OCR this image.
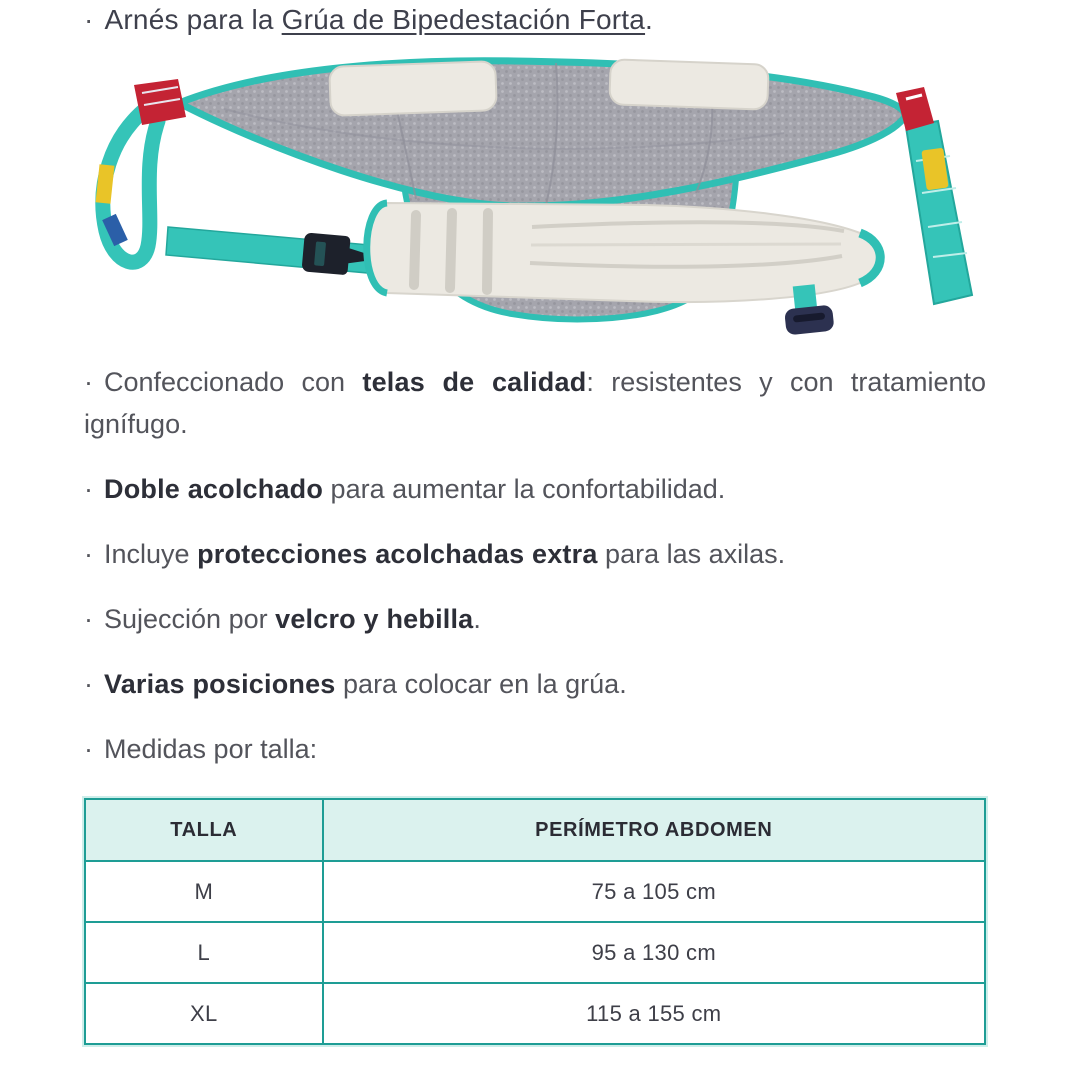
· Arnés para la Grúa de Bipedestación Forta.

· Confeccionado con telas de calidad: resistentes y con tratamiento ignífugo.

· Doble acolchado para aumentar la confortabilidad.

· Incluye protecciones acolchadas extra para las axilas.

· Sujección por velcro y hebilla.

· Varias posiciones para colocar en la grúa.

· Medidas por talla:

TALLA	PERÍMETRO ABDOMEN
M	75 a 105 cm
L	95 a 130 cm
XL	115 a 155 cm
